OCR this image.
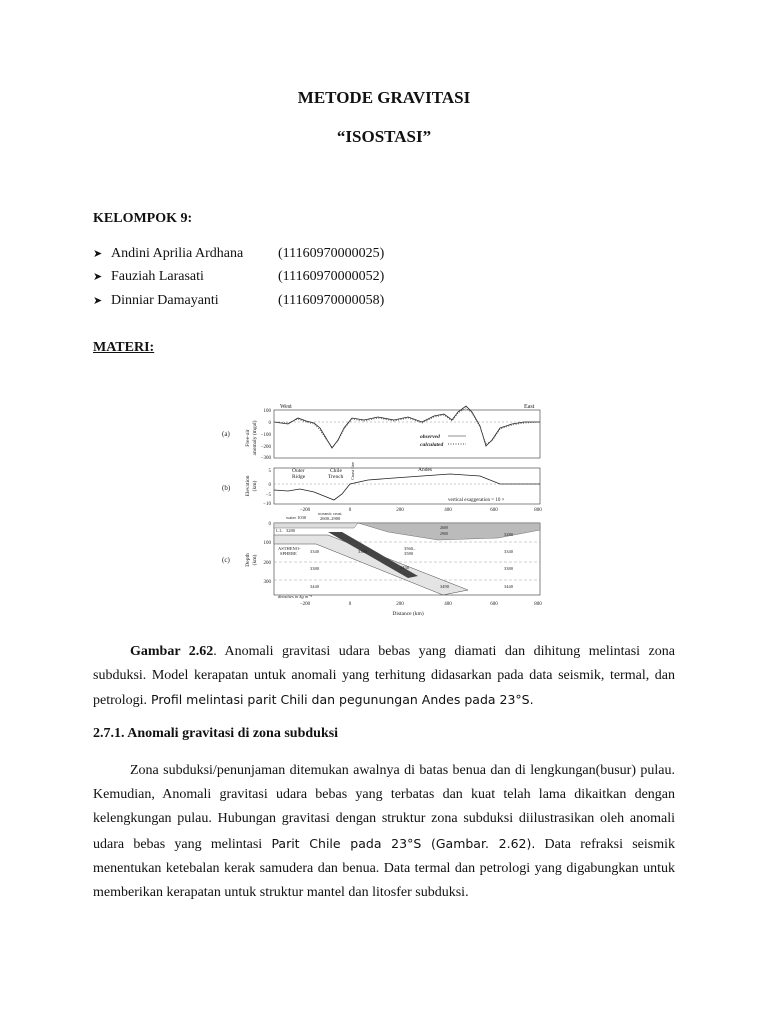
METODE GRAVITASI
“ISOSTASI”
KELOMPOK 9:
➤ Andini Aprilia Ardhana	(11160970000025)
➤ Fauziah Larasati	(11160970000052)
➤ Dinniar Damayanti	(11160970000058)
MATERI:
(a)
(b)
(c)
Free-air anomaly (mgal)
Elevation (km)
Depth (km)
West	East
100
0
−100
−200
−300
observed
calculated
5
0
−5
−10
Outer
Ridge
Chile
Trench Coast line	Andes
vertical exaggeration = 10 ×
−200	0	200	400	600	800
water 1030
oceanic crust
2600–2900
0
100
200
300
L.L. 3280
ASTHENO-
SPHERE	3340
3380
3440
3300
3560–
3580
3430
3490
2600
2900	3280
3340
3380
3440
densities in kg m⁻³
−200	0	200	400	600	800
Distance (km)
Gambar 2.62. Anomali gravitasi udara bebas yang diamati dan dihitung melintasi zona subduksi. Model kerapatan untuk anomali yang terhitung didasarkan pada data seismik, termal, dan petrologi. Profil melintasi parit Chili dan pegunungan Andes pada 23°S.
2.7.1. Anomali gravitasi di zona subduksi
Zona subduksi/penunjaman ditemukan awalnya di batas benua dan di lengkungan(busur) pulau. Kemudian, Anomali gravitasi udara bebas yang terbatas dan kuat telah lama dikaitkan dengan kelengkungan pulau. Hubungan gravitasi dengan struktur zona subduksi diilustrasikan oleh anomali udara bebas yang melintasi Parit Chile pada 23°S (Gambar. 2.62). Data refraksi seismik menentukan ketebalan kerak samudera dan benua. Data termal dan petrologi yang digabungkan untuk memberikan kerapatan untuk struktur mantel dan litosfer subduksi.
